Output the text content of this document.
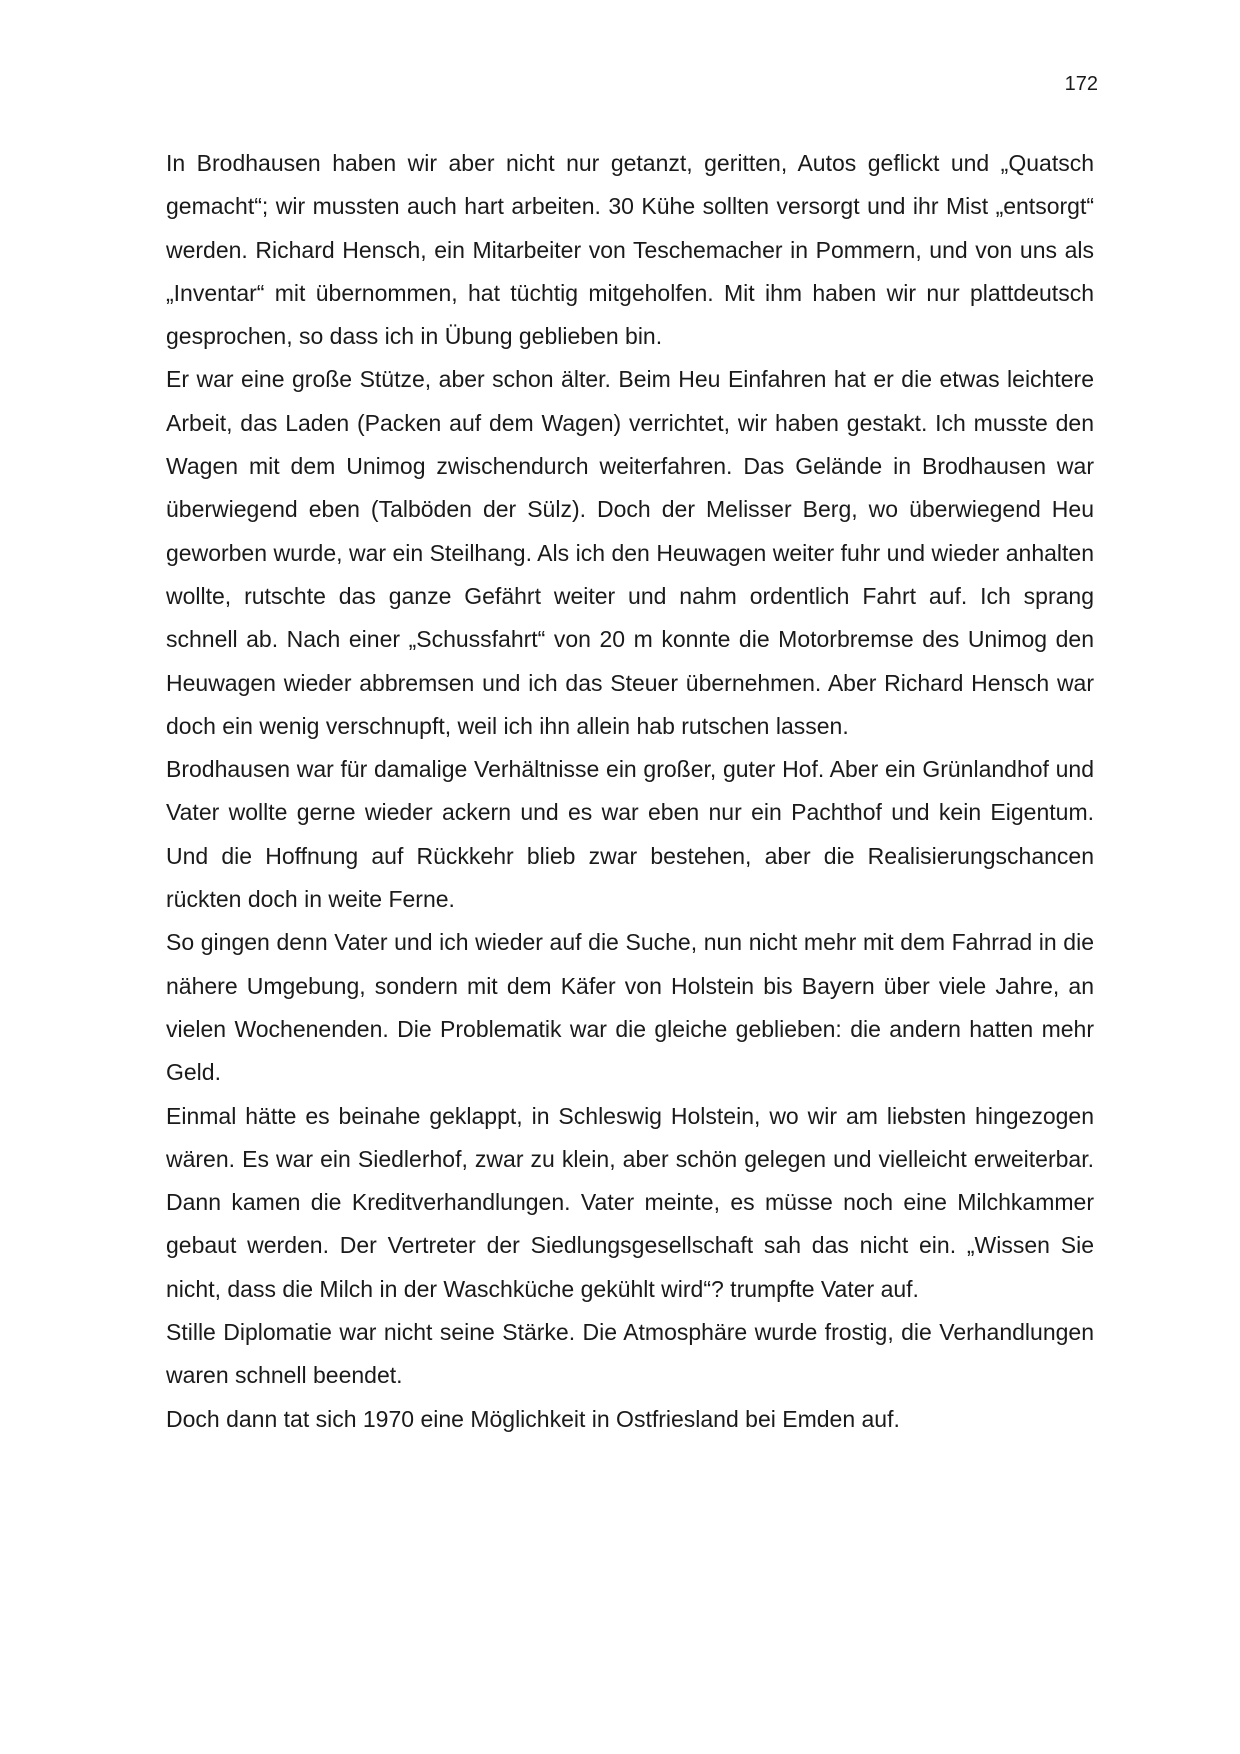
172

In Brodhausen haben wir aber nicht nur getanzt, geritten, Autos geflickt und „Quatsch gemacht“; wir mussten auch hart arbeiten. 30 Kühe sollten versorgt und ihr Mist „entsorgt“ werden. Richard Hensch, ein Mitarbeiter von Teschemacher in Pommern, und von uns als „Inventar“ mit übernommen, hat tüchtig mitgeholfen. Mit ihm haben wir nur plattdeutsch gesprochen, so dass ich in Übung geblieben bin.

Er war eine große Stütze, aber schon älter. Beim Heu Einfahren hat er die etwas leichtere Arbeit, das Laden (Packen auf dem Wagen) verrichtet, wir haben gestakt. Ich musste den Wagen mit dem Unimog zwischendurch weiterfahren. Das Gelände in Brodhausen war überwiegend eben (Talböden der Sülz). Doch der Melisser Berg, wo überwiegend Heu geworben wurde, war ein Steilhang. Als ich den Heuwagen weiter fuhr und wieder anhalten wollte, rutschte das ganze Gefährt weiter und nahm ordentlich Fahrt auf. Ich sprang schnell ab. Nach einer „Schussfahrt“ von 20 m konnte die Motorbremse des Unimog den Heuwagen wieder abbremsen und ich das Steuer übernehmen. Aber Richard Hensch war doch ein wenig verschnupft, weil ich ihn allein hab rutschen lassen.

Brodhausen war für damalige Verhältnisse ein großer, guter Hof. Aber ein Grünlandhof und Vater wollte gerne wieder ackern und es war eben nur ein Pachthof und kein Eigentum. Und die Hoffnung auf Rückkehr blieb zwar bestehen, aber die Realisierungschancen rückten doch in weite Ferne.

So gingen denn Vater und ich wieder auf die Suche, nun nicht mehr mit dem Fahrrad in die nähere Umgebung, sondern mit dem Käfer von Holstein bis Bayern über viele Jahre, an vielen Wochenenden. Die Problematik war die gleiche geblieben: die andern hatten mehr Geld.

Einmal hätte es beinahe geklappt, in Schleswig Holstein, wo wir am liebsten hingezogen wären. Es war ein Siedlerhof, zwar zu klein, aber schön gelegen und vielleicht erweiterbar. Dann kamen die Kreditverhandlungen. Vater meinte, es müsse noch eine Milchkammer gebaut werden. Der Vertreter der Siedlungsgesellschaft sah das nicht ein. „Wissen Sie nicht, dass die Milch in der Waschküche gekühlt wird“? trumpfte Vater auf.

Stille Diplomatie war nicht seine Stärke. Die Atmosphäre wurde frostig, die Verhandlungen waren schnell beendet.

Doch dann tat sich 1970 eine Möglichkeit in Ostfriesland bei Emden auf.
